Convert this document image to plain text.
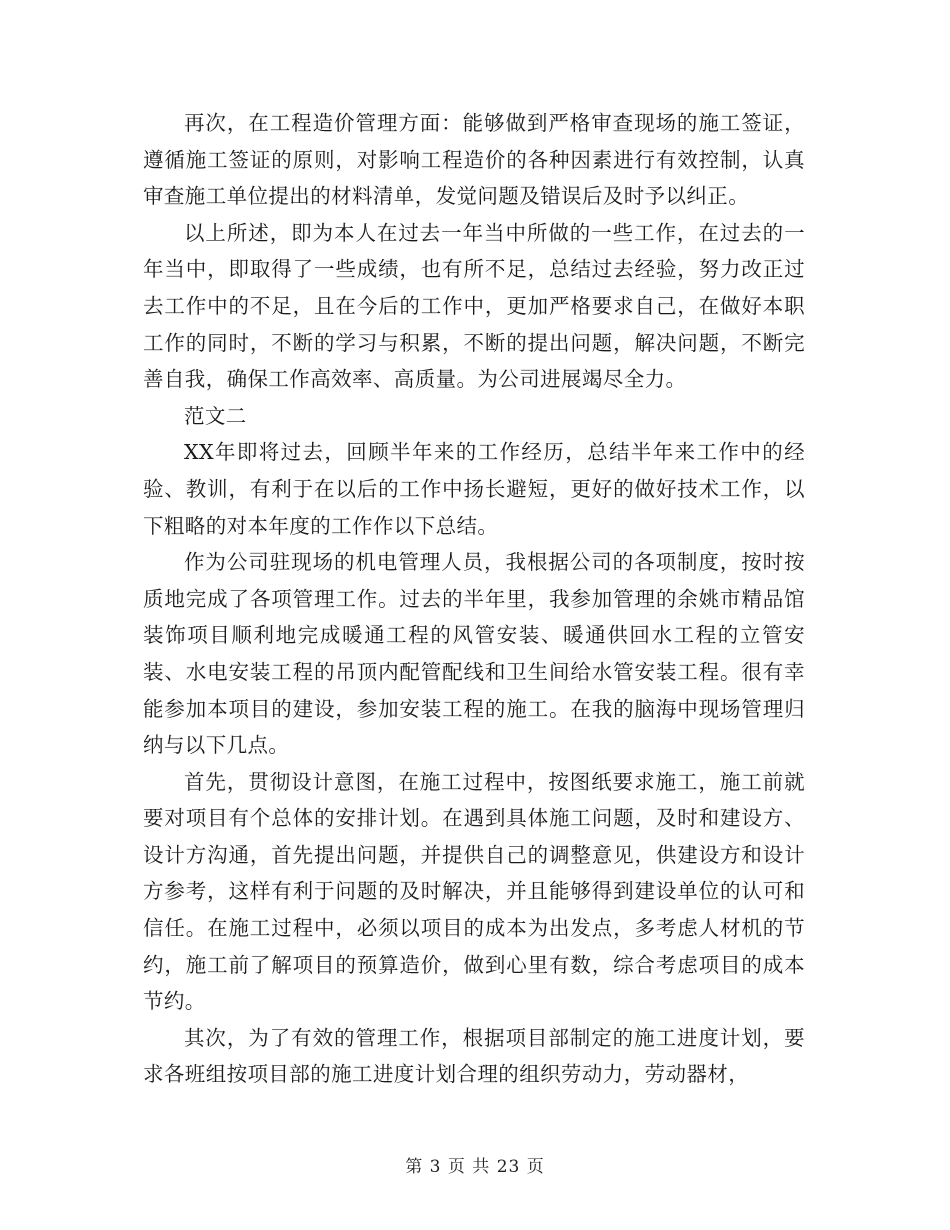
再次，在工程造价管理方面：能够做到严格审查现场的施工签证，遵循施工签证的原则，对影响工程造价的各种因素进行有效控制，认真审查施工单位提出的材料清单，发觉问题及错误后及时予以纠正。

以上所述，即为本人在过去一年当中所做的一些工作，在过去的一年当中，即取得了一些成绩，也有所不足，总结过去经验，努力改正过去工作中的不足，且在今后的工作中，更加严格要求自己，在做好本职工作的同时，不断的学习与积累，不断的提出问题，解决问题，不断完善自我，确保工作高效率、高质量。为公司进展竭尽全力。

范文二

XX年即将过去，回顾半年来的工作经历，总结半年来工作中的经验、教训，有利于在以后的工作中扬长避短，更好的做好技术工作，以下粗略的对本年度的工作作以下总结。

作为公司驻现场的机电管理人员，我根据公司的各项制度，按时按质地完成了各项管理工作。过去的半年里，我参加管理的余姚市精品馆装饰项目顺利地完成暖通工程的风管安装、暖通供回水工程的立管安装、水电安装工程的吊顶内配管配线和卫生间给水管安装工程。很有幸能参加本项目的建设，参加安装工程的施工。在我的脑海中现场管理归纳与以下几点。

首先，贯彻设计意图，在施工过程中，按图纸要求施工，施工前就要对项目有个总体的安排计划。在遇到具体施工问题，及时和建设方、设计方沟通，首先提出问题，并提供自己的调整意见，供建设方和设计方参考，这样有利于问题的及时解决，并且能够得到建设单位的认可和信任。在施工过程中，必须以项目的成本为出发点，多考虑人材机的节约，施工前了解项目的预算造价，做到心里有数，综合考虑项目的成本节约。

其次，为了有效的管理工作，根据项目部制定的施工进度计划，要求各班组按项目部的施工进度计划合理的组织劳动力，劳动器材，

第 3 页 共 23 页
